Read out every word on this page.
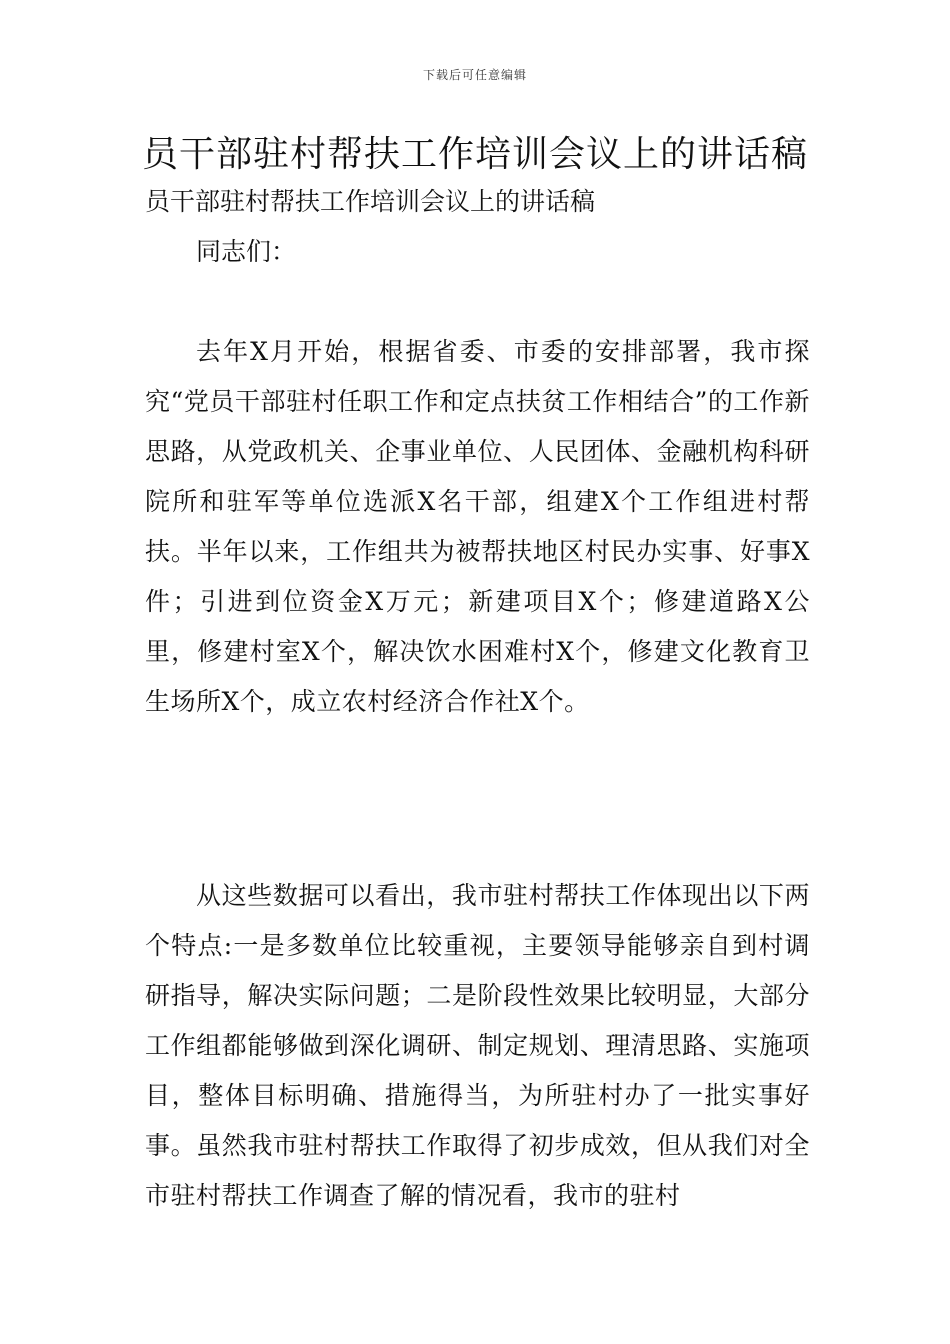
下载后可任意编辑
员干部驻村帮扶工作培训会议上的讲话稿

员干部驻村帮扶工作培训会议上的讲话稿

同志们：

去年X月开始，根据省委、市委的安排部署，我市探究“党员干部驻村任职工作和定点扶贫工作相结合”的工作新思路，从党政机关、企事业单位、人民团体、金融机构科研院所和驻军等单位选派X名干部，组建X个工作组进村帮扶。半年以来，工作组共为被帮扶地区村民办实事、好事X件；引进到位资金X万元；新建项目X个；修建道路X公里，修建村室X个，解决饮水困难村X个，修建文化教育卫生场所X个，成立农村经济合作社X个。

从这些数据可以看出，我市驻村帮扶工作体现出以下两个特点:一是多数单位比较重视，主要领导能够亲自到村调研指导，解决实际问题；二是阶段性效果比较明显，大部分工作组都能够做到深化调研、制定规划、理清思路、实施项目，整体目标明确、措施得当，为所驻村办了一批实事好事。虽然我市驻村帮扶工作取得了初步成效，但从我们对全市驻村帮扶工作调查了解的情况看，我市的驻村
